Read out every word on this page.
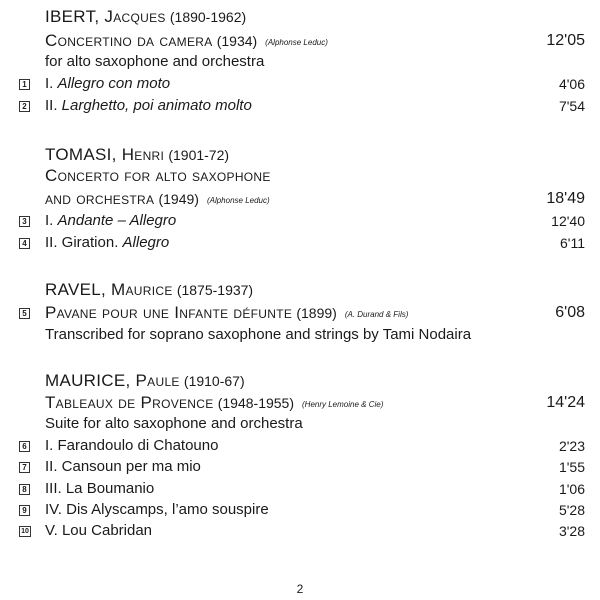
IBERT, Jacques (1890-1962)
Concertino da camera (1934) (Alphonse Leduc)	12'05
for alto saxophone and orchestra
1 I. Allegro con moto	4'06
2 II. Larghetto, poi animato molto	7'54
TOMASI, Henri (1901-72)
Concerto for alto saxophone
and orchestra (1949) (Alphonse Leduc)	18'49
3 I. Andante – Allegro	12'40
4 II. Giration. Allegro	6'11
RAVEL, Maurice (1875-1937)
5 Pavane pour une Infante défunte (1899) (A. Durand & Fils)	6'08
Transcribed for soprano saxophone and strings by Tami Nodaira
MAURICE, Paule (1910-67)
Tableaux de Provence (1948-1955) (Henry Lemoine & Cie)	14'24
Suite for alto saxophone and orchestra
6 I. Farandoulo di Chatouno	2'23
7 II. Cansoun per ma mio	1'55
8 III. La Boumanio	1'06
9 IV. Dis Alyscamps, l’amo souspire	5'28
10 V. Lou Cabridan	3'28
2
